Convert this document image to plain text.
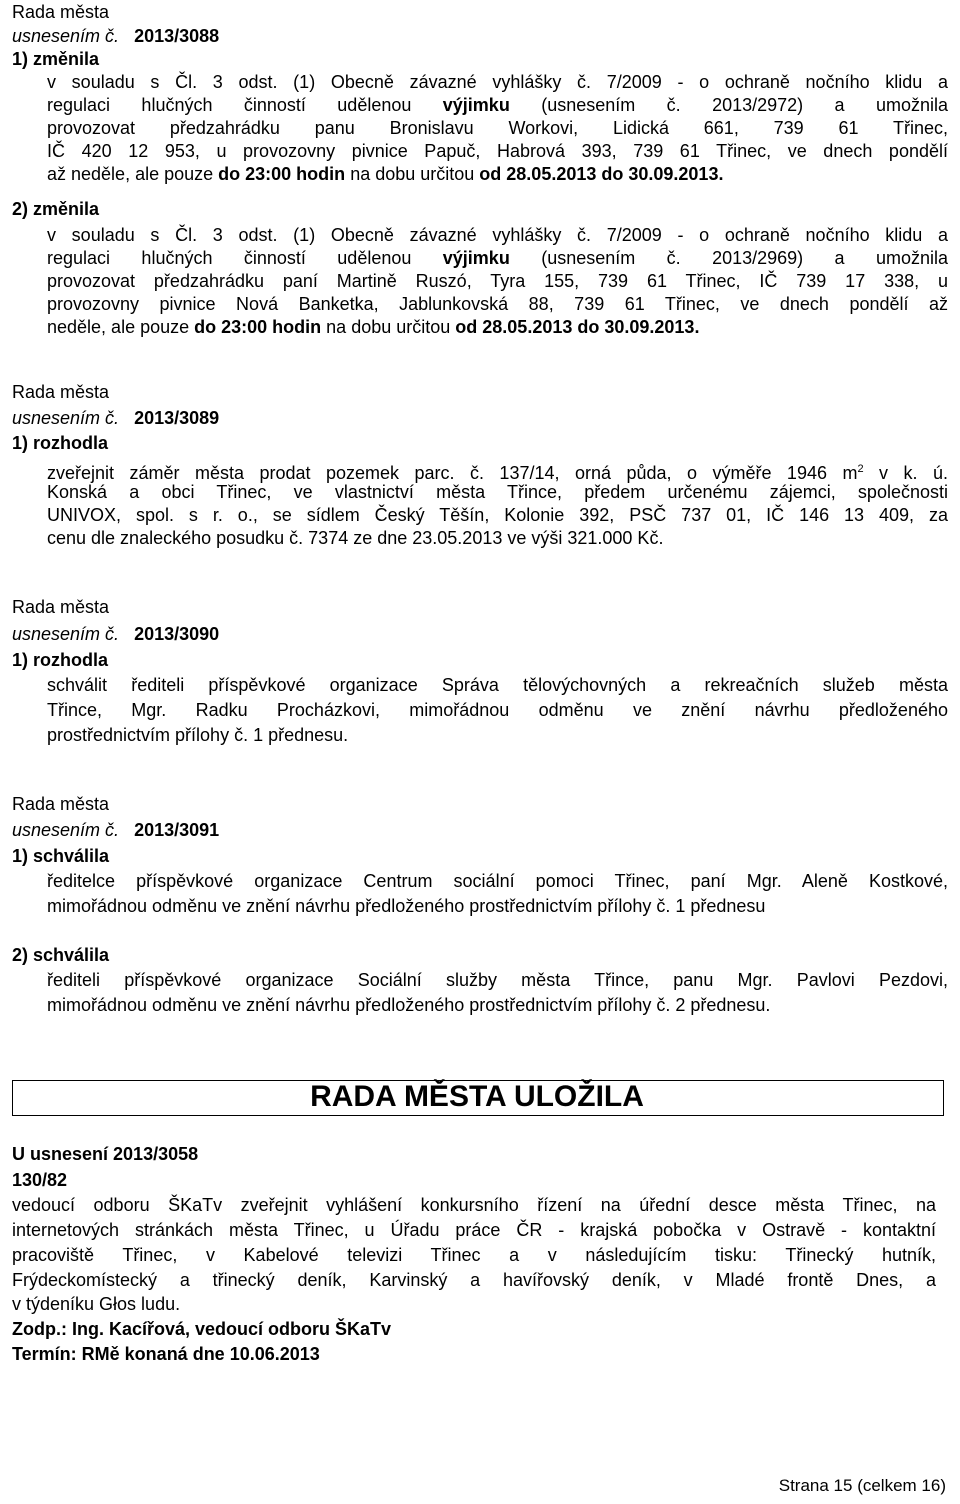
Rada města
usnesením č. 2013/3088
1) změnila
v souladu s Čl. 3 odst. (1) Obecně závazné vyhlášky č. 7/2009 - o ochraně nočního klidu a
regulaci hlučných činností udělenou výjimku (usnesením č. 2013/2972) a umožnila
provozovat předzahrádku panu Bronislavu Workovi, Lidická 661, 739 61 Třinec,
IČ 420 12 953, u provozovny pivnice Papuč, Habrová 393, 739 61 Třinec, ve dnech pondělí
až neděle, ale pouze do 23:00 hodin na dobu určitou od 28.05.2013 do 30.09.2013.
2) změnila
v souladu s Čl. 3 odst. (1) Obecně závazné vyhlášky č. 7/2009 - o ochraně nočního klidu a
regulaci hlučných činností udělenou výjimku (usnesením č. 2013/2969) a umožnila
provozovat předzahrádku paní Martině Ruszó, Tyra 155, 739 61 Třinec, IČ 739 17 338, u
provozovny pivnice Nová Banketka, Jablunkovská 88, 739 61 Třinec, ve dnech pondělí až
neděle, ale pouze do 23:00 hodin na dobu určitou od 28.05.2013 do 30.09.2013.
Rada města
usnesením č. 2013/3089
1) rozhodla
zveřejnit záměr města prodat pozemek parc. č. 137/14, orná půda, o výměře 1946 $m^2$ v k. ú.
Konská a obci Třinec, ve vlastnictví města Třince, předem určenému zájemci, společnosti
UNIVOX, spol. s r. o., se sídlem Český Těšín, Kolonie 392, PSČ 737 01, IČ 146 13 409, za
cenu dle znaleckého posudku č. 7374 ze dne 23.05.2013 ve výši 321.000 Kč.
Rada města
usnesením č. 2013/3090
1) rozhodla
schválit řediteli příspěvkové organizace Správa tělovýchovných a rekreačních služeb města
Třince, Mgr. Radku Procházkovi, mimořádnou odměnu ve znění návrhu předloženého
prostřednictvím přílohy č. 1 přednesu.
Rada města
usnesením č. 2013/3091
1) schválila
ředitelce příspěvkové organizace Centrum sociální pomoci Třinec, paní Mgr. Aleně Kostkové,
mimořádnou odměnu ve znění návrhu předloženého prostřednictvím přílohy č. 1 přednesu
2) schválila
řediteli příspěvkové organizace Sociální služby města Třince, panu Mgr. Pavlovi Pezdovi,
mimořádnou odměnu ve znění návrhu předloženého prostřednictvím přílohy č. 2 přednesu.
RADA MĚSTA ULOŽILA
U usnesení 2013/3058
130/82
vedoucí odboru ŠKaTv zveřejnit vyhlášení konkursního řízení na úřední desce města Třinec, na
internetových stránkách města Třinec, u Úřadu práce ČR - krajská pobočka v Ostravě - kontaktní
pracoviště Třinec, v Kabelové televizi Třinec a v následujícím tisku: Třinecký hutník,
Frýdeckomístecký a třinecký deník, Karvinský a havířovský deník, v Mladé frontě Dnes, a
v týdeníku Głos ludu.
Zodp.: Ing. Kacířová, vedoucí odboru ŠKaTv
Termín: RMě konaná dne 10.06.2013
Strana 15 (celkem 16)
